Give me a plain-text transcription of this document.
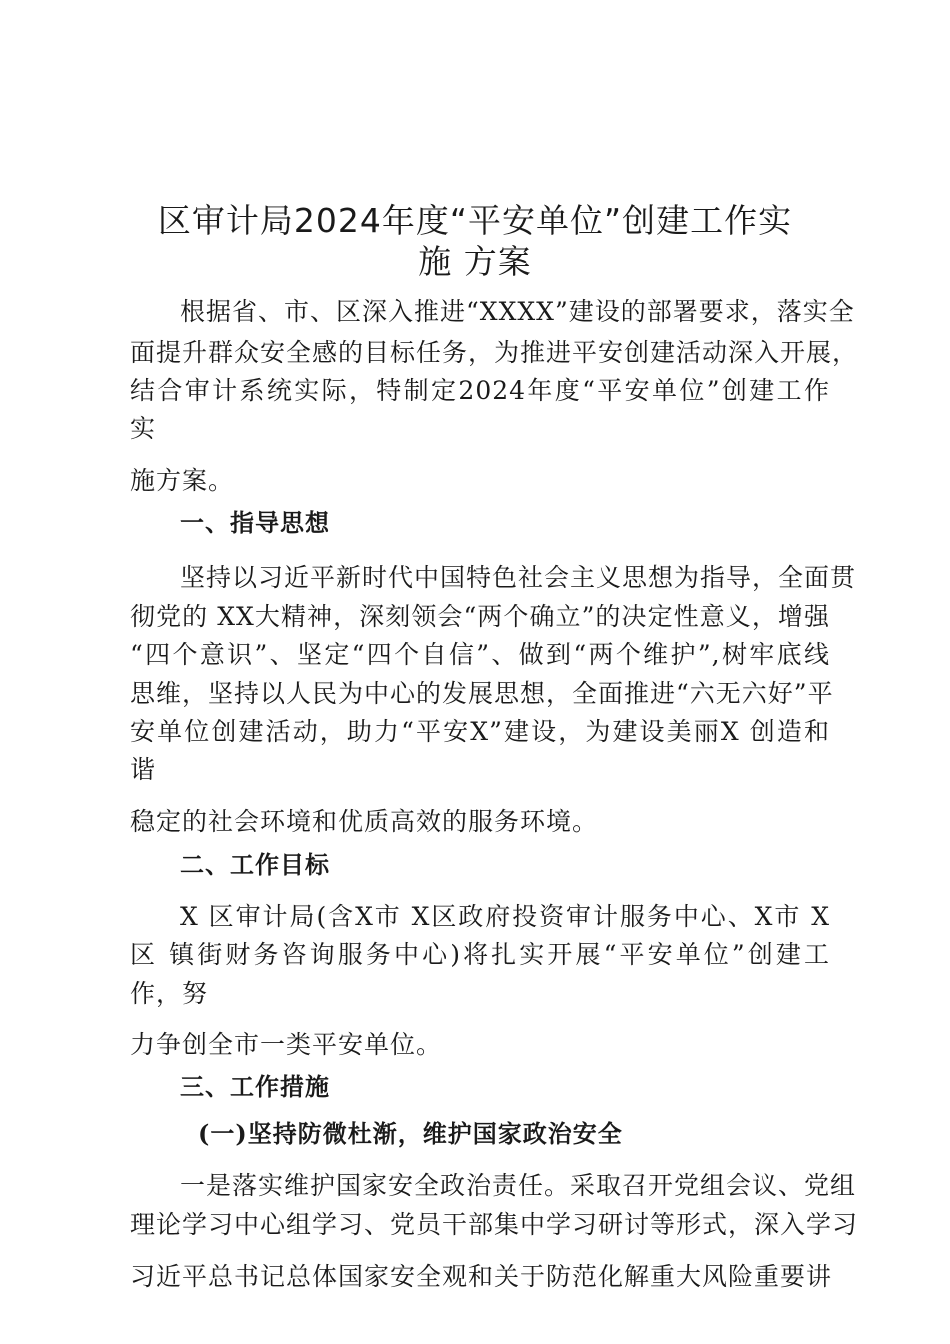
区审计局2024年度“平安单位”创建工作实
施 方案
根据省、市、区深入推进“XXXX”建设的部署要求，落实全
面提升群众安全感的目标任务，为推进平安创建活动深入开展，
结合审计系统实际，特制定2024年度“平安单位”创建工作
实
施方案。
一、指导思想
坚持以习近平新时代中国特色社会主义思想为指导，全面贯
彻党的 XX大精神，深刻领会“两个确立”的决定性意义，增强
“四个意识”、坚定“四个自信”、做到“两个维护”,树牢底线
思维，坚持以人民为中心的发展思想，全面推进“六无六好”平
安单位创建活动，助力“平安X”建设，为建设美丽X 创造和
谐
稳定的社会环境和优质高效的服务环境。
二、工作目标
X 区审计局(含X市 X区政府投资审计服务中心、X市 X
区 镇街财务咨询服务中心)将扎实开展“平安单位”创建工
作，努
力争创全市一类平安单位。
三、工作措施
(一)坚持防微杜渐，维护国家政治安全
一是落实维护国家安全政治责任。采取召开党组会议、党组
理论学习中心组学习、党员干部集中学习研讨等形式，深入学习
习近平总书记总体国家安全观和关于防范化解重大风险重要讲
